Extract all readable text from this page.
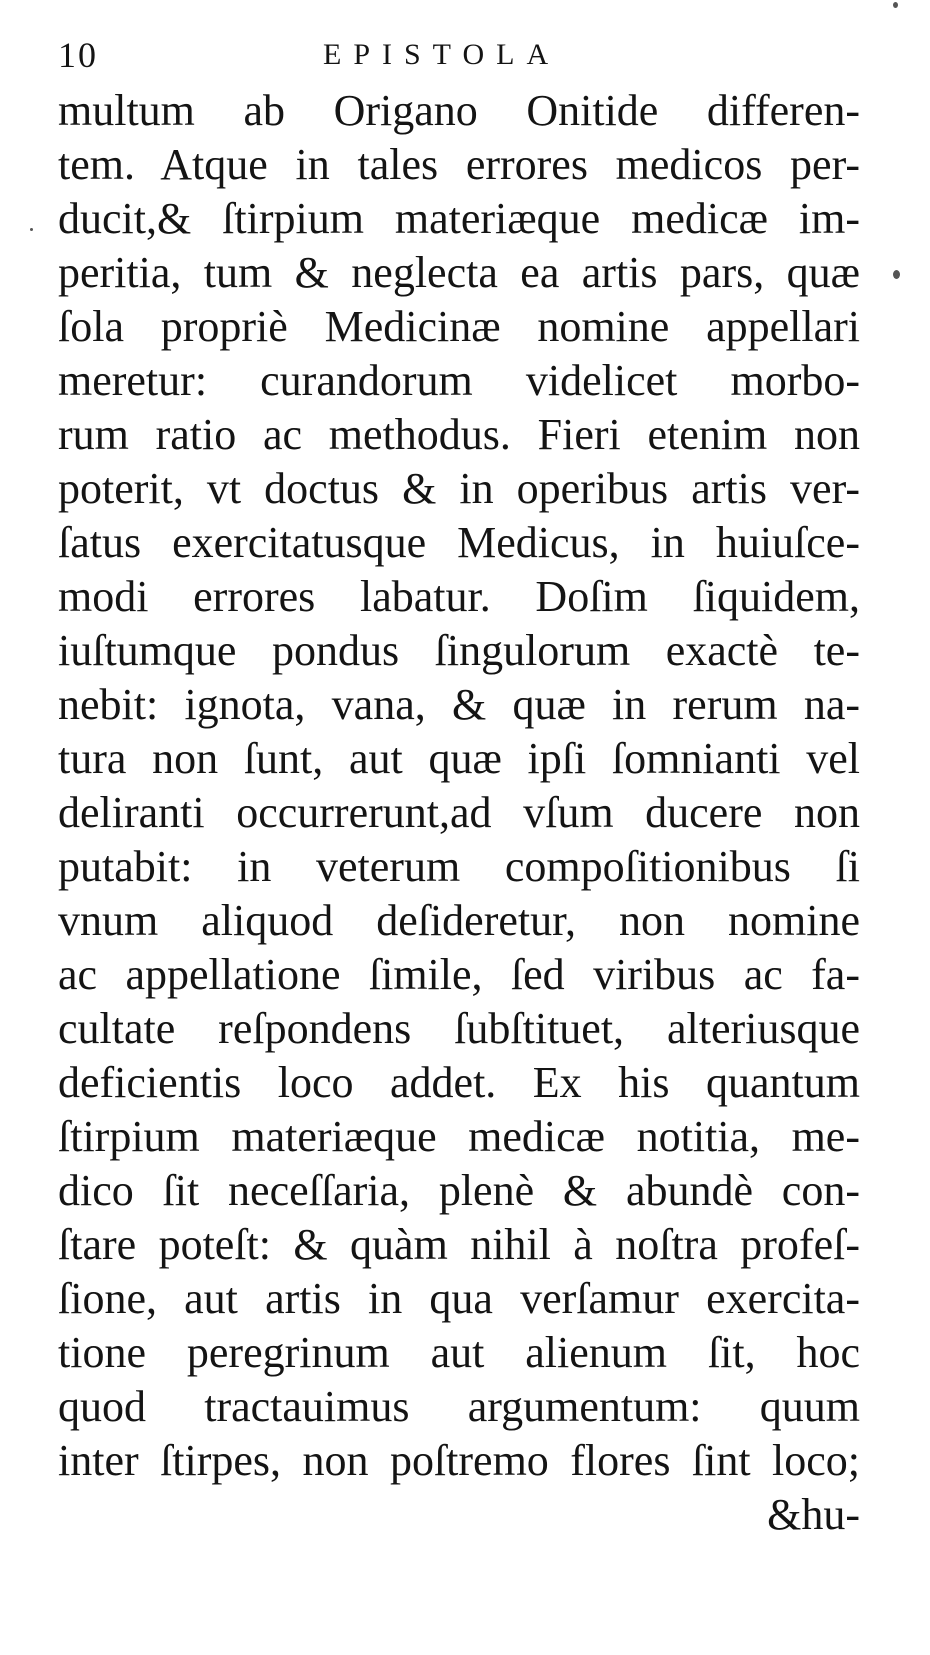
10	EPISTOLA
multum ab Origano Onitide differen-
tem. Atque in tales errores medicos per-
ducit,& ſtirpium materiæque medicæ im-
peritia, tum & neglecta ea artis pars, quæ
ſola propriè Medicinæ nomine appellari
meretur: curandorum videlicet morbo-
rum ratio ac methodus. Fieri etenim non
poterit, vt doctus & in operibus artis ver-
ſatus exercitatusque Medicus, in huiuſce-
modi errores labatur. Doſim ſiquidem,
iuſtumque pondus ſingulorum exactè te-
nebit: ignota, vana, & quæ in rerum na-
tura non ſunt, aut quæ ipſi ſomnianti vel
deliranti occurrerunt,ad vſum ducere non
putabit: in veterum compoſitionibus ſi
vnum aliquod deſideretur, non nomine
ac appellatione ſimile, ſed viribus ac fa-
cultate reſpondens ſubſtituet, alteriusque
deficientis loco addet. Ex his quantum
ſtirpium materiæque medicæ notitia, me-
dico ſit neceſſaria, plenè & abundè con-
ſtare poteſt: & quàm nihil à noſtra profeſ-
ſione, aut artis in qua verſamur exercita-
tione peregrinum aut alienum ſit, hoc
quod tractauimus argumentum: quum
inter ſtirpes, non poſtremo flores ſint loco;
&hu-
